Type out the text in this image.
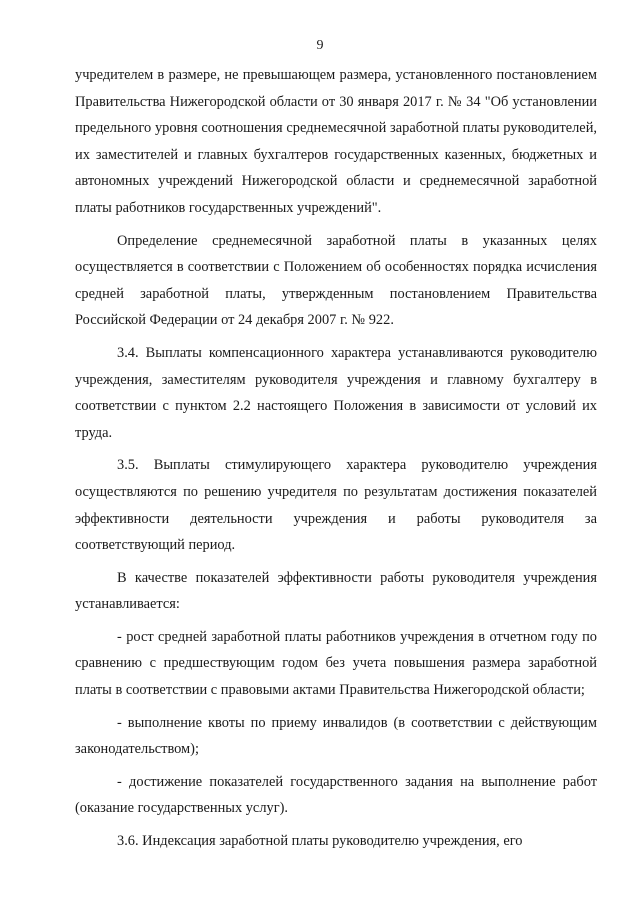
9

учредителем в размере, не превышающем размера, установленного постановлением Правительства Нижегородской области от 30 января 2017 г. № 34 "Об установлении предельного уровня соотношения среднемесячной заработной платы руководителей, их заместителей и главных бухгалтеров государственных казенных, бюджетных и автономных учреждений Нижегородской области и среднемесячной заработной платы работников государственных учреждений".

Определение среднемесячной заработной платы в указанных целях осуществляется в соответствии с Положением об особенностях порядка исчисления средней заработной платы, утвержденным постановлением Правительства Российской Федерации от 24 декабря 2007 г. № 922.

3.4. Выплаты компенсационного характера устанавливаются руководителю учреждения, заместителям руководителя учреждения и главному бухгалтеру в соответствии с пунктом 2.2 настоящего Положения в зависимости от условий их труда.

3.5. Выплаты стимулирующего характера руководителю учреждения осуществляются по решению учредителя по результатам достижения показателей эффективности деятельности учреждения и работы руководителя за соответствующий период.

В качестве показателей эффективности работы руководителя учреждения устанавливается:

- рост средней заработной платы работников учреждения в отчетном году по сравнению с предшествующим годом без учета повышения размера заработной платы в соответствии с правовыми актами Правительства Нижегородской области;

- выполнение квоты по приему инвалидов (в соответствии с действующим законодательством);

- достижение показателей государственного задания на выполнение работ (оказание государственных услуг).

3.6. Индексация заработной платы руководителю учреждения, его
